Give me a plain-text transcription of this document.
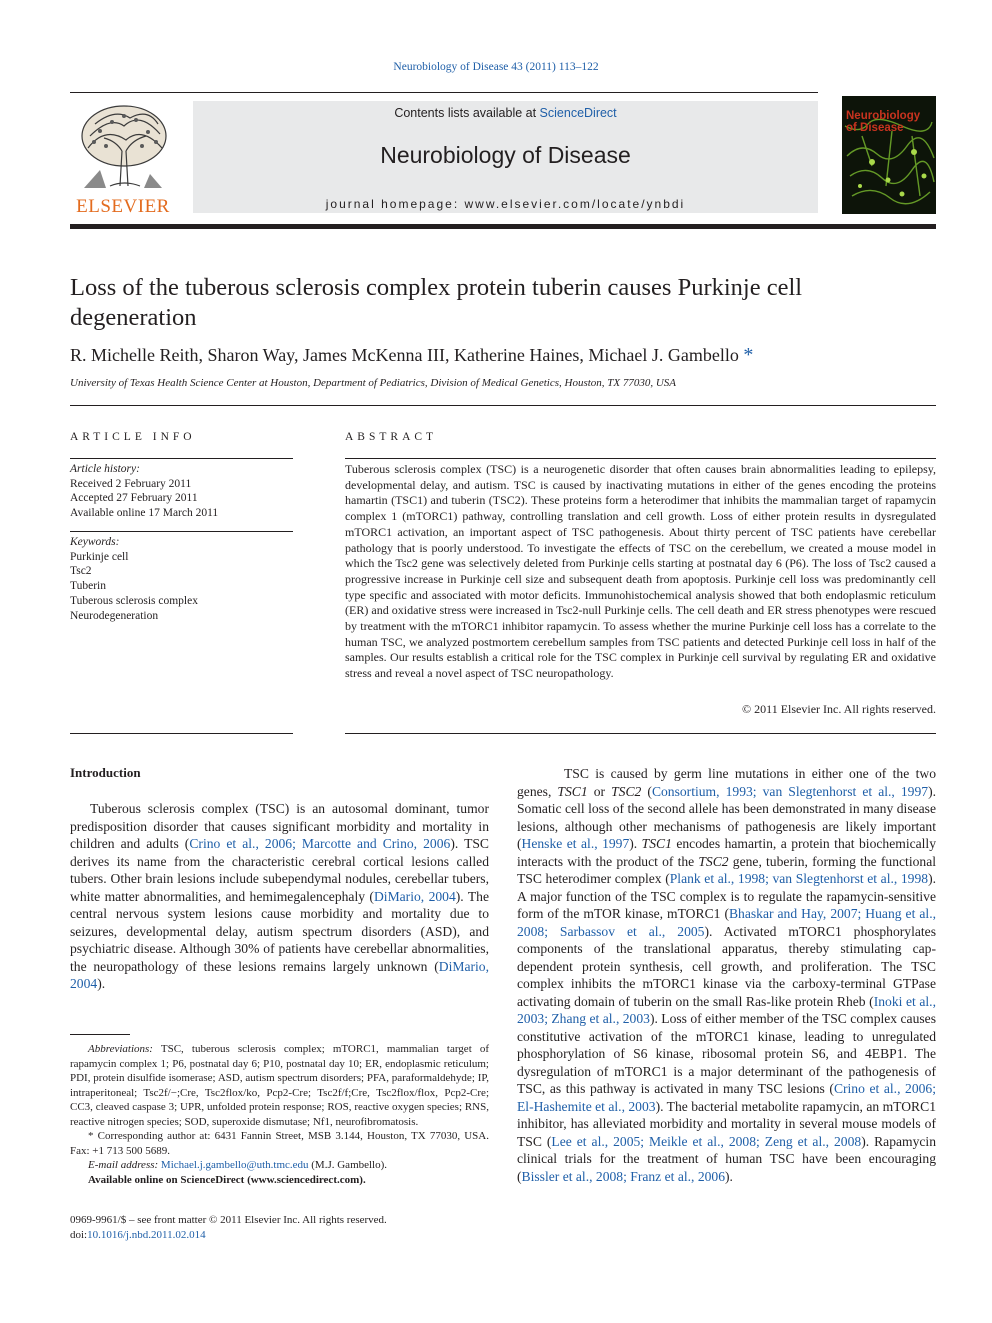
Neurobiology of Disease 43 (2011) 113–122
ELSEVIER
Contents lists available at ScienceDirect
Neurobiology of Disease
journal homepage: www.elsevier.com/locate/ynbdi
Neurobiology of Disease
Loss of the tuberous sclerosis complex protein tuberin causes Purkinje cell degeneration
R. Michelle Reith, Sharon Way, James McKenna III, Katherine Haines, Michael J. Gambello *
University of Texas Health Science Center at Houston, Department of Pediatrics, Division of Medical Genetics, Houston, TX 77030, USA
ARTICLE INFO
Article history:
Received 2 February 2011
Accepted 27 February 2011
Available online 17 March 2011
Keywords:
Purkinje cell
Tsc2
Tuberin
Tuberous sclerosis complex
Neurodegeneration
ABSTRACT
Tuberous sclerosis complex (TSC) is a neurogenetic disorder that often causes brain abnormalities leading to epilepsy, developmental delay, and autism. TSC is caused by inactivating mutations in either of the genes encoding the proteins hamartin (TSC1) and tuberin (TSC2). These proteins form a heterodimer that inhibits the mammalian target of rapamycin complex 1 (mTORC1) pathway, controlling translation and cell growth. Loss of either protein results in dysregulated mTORC1 activation, an important aspect of TSC pathogenesis. About thirty percent of TSC patients have cerebellar pathology that is poorly understood. To investigate the effects of TSC on the cerebellum, we created a mouse model in which the Tsc2 gene was selectively deleted from Purkinje cells starting at postnatal day 6 (P6). The loss of Tsc2 caused a progressive increase in Purkinje cell size and subsequent death from apoptosis. Purkinje cell loss was predominantly cell type specific and associated with motor deficits. Immunohistochemical analysis showed that both endoplasmic reticulum (ER) and oxidative stress were increased in Tsc2-null Purkinje cells. The cell death and ER stress phenotypes were rescued by treatment with the mTORC1 inhibitor rapamycin. To assess whether the murine Purkinje cell loss has a correlate to the human TSC, we analyzed postmortem cerebellum samples from TSC patients and detected Purkinje cell loss in half of the samples. Our results establish a critical role for the TSC complex in Purkinje cell survival by regulating ER and oxidative stress and reveal a novel aspect of TSC neuropathology.
© 2011 Elsevier Inc. All rights reserved.
Introduction

Tuberous sclerosis complex (TSC) is an autosomal dominant, tumor predisposition disorder that causes significant morbidity and mortality in children and adults (Crino et al., 2006; Marcotte and Crino, 2006). TSC derives its name from the characteristic cerebral cortical lesions called tubers. Other brain lesions include subependymal nodules, cerebellar tubers, white matter abnormalities, and hemimegalencephaly (DiMario, 2004). The central nervous system lesions cause morbidity and mortality due to seizures, developmental delay, autism spectrum disorders (ASD), and psychiatric disease. Although 30% of patients have cerebellar abnormalities, the neuropathology of these lesions remains largely unknown (DiMario, 2004).

TSC is caused by germ line mutations in either one of the two genes, TSC1 or TSC2 (Consortium, 1993; van Slegtenhorst et al., 1997). Somatic cell loss of the second allele has been demonstrated in many disease lesions, although other mechanisms of pathogenesis are likely important (Henske et al., 1997). TSC1 encodes hamartin, a protein that biochemically interacts with the product of the TSC2 gene, tuberin, forming the functional TSC heterodimer complex (Plank et al., 1998; van Slegtenhorst et al., 1998). A major function of the TSC complex is to regulate the rapamycin-sensitive form of the mTOR kinase, mTORC1 (Bhaskar and Hay, 2007; Huang et al., 2008; Sarbassov et al., 2005). Activated mTORC1 phosphorylates components of the translational apparatus, thereby stimulating cap-dependent protein synthesis, cell growth, and proliferation. The TSC complex inhibits the mTORC1 kinase via the carboxy-terminal GTPase activating domain of tuberin on the small Ras-like protein Rheb (Inoki et al., 2003; Zhang et al., 2003). Loss of either member of the TSC complex causes constitutive activation of the mTORC1 kinase, leading to unregulated phosphorylation of S6 kinase, ribosomal protein S6, and 4EBP1. The dysregulation of mTORC1 is a major determinant of the pathogenesis of TSC, as this pathway is activated in many TSC lesions (Crino et al., 2006; El-Hashemite et al., 2003). The bacterial metabolite rapamycin, an mTORC1 inhibitor, has alleviated morbidity and mortality in several mouse models of TSC (Lee et al., 2005; Meikle et al., 2008; Zeng et al., 2008). Rapamycin clinical trials for the treatment of human TSC have been encouraging (Bissler et al., 2008; Franz et al., 2006).

Abbreviations: TSC, tuberous sclerosis complex; mTORC1, mammalian target of rapamycin complex 1; P6, postnatal day 6; P10, postnatal day 10; ER, endoplasmic reticulum; PDI, protein disulfide isomerase; ASD, autism spectrum disorders; PFA, paraformaldehyde; IP, intraperitoneal; Tsc2f/−;Cre, Tsc2flox/ko, Pcp2-Cre; Tsc2f/f;Cre, Tsc2flox/flox, Pcp2-Cre; CC3, cleaved caspase 3; UPR, unfolded protein response; ROS, reactive oxygen species; RNS, reactive nitrogen species; SOD, superoxide dismutase; Nf1, neurofibromatosis.

* Corresponding author at: 6431 Fannin Street, MSB 3.144, Houston, TX 77030, USA. Fax: +1 713 500 5689.

E-mail address: Michael.j.gambello@uth.tmc.edu (M.J. Gambello).

Available online on ScienceDirect (www.sciencedirect.com).

0969-9961/$ – see front matter © 2011 Elsevier Inc. All rights reserved.
doi:10.1016/j.nbd.2011.02.014
